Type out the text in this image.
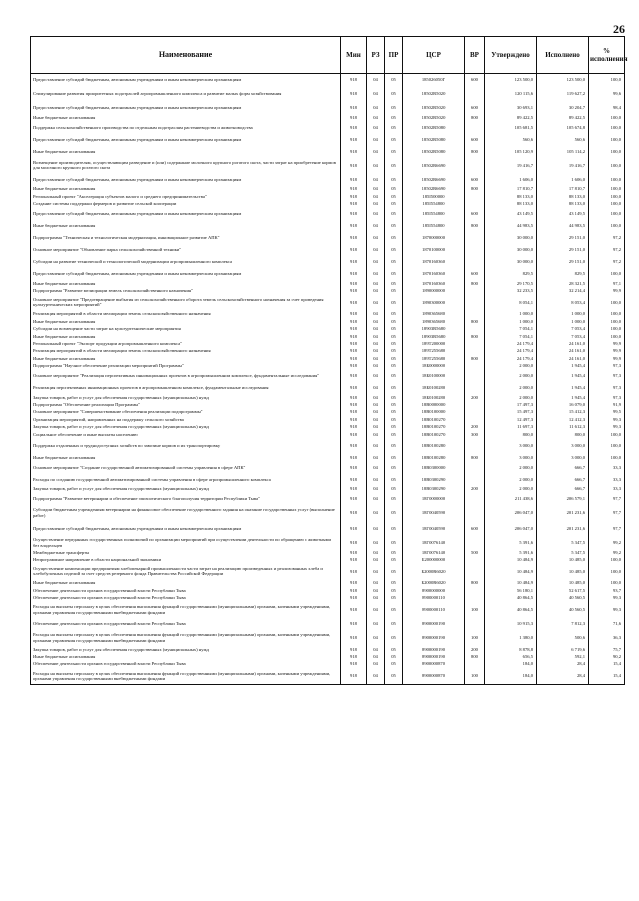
26
Наименование	Мин	РЗ	ПР	ЦСР	ВР	Утверждено	Исполнено	% исполнения
Предоставление субсидий бюджетным, автономным учреждениям и иным некоммерческим организациям	918	04	05	185026050Г	600	123 500,0	123 500,0	100,0
Стимулирование развития приоритетных подотраслей агропромышленного комплекса и развитие малых форм хозяйствования	918	04	05	18502R5020		120 115,6	119 627,2	99,6
Предоставление субсидий бюджетным, автономным учреждениям и иным некоммерческим организациям	918	04	05	18502R5020	600	30 693,1	30 204,7	98,4
Иные бюджетные ассигнования	918	04	05	18502R5020	800	89 422,5	89 422,5	100,0
Поддержка сельскохозяйственного производства по отдельным подотраслям растениеводства и животноводства	918	04	05	18502R5080		105 681,5	105 674,8	100,0
Предоставление субсидий бюджетным, автономным учреждениям и иным некоммерческим организациям	918	04	05	18502R5080	600	560,6	560,6	100,0
Иные бюджетные ассигнования	918	04	05	18502R5080	800	105 120,9	105 114,2	100,0
Возмещение производителям, осуществляющим разведение и (или) содержание молочного крупного рогатого скота, части затрат на приобретение кормов для молочного крупного рогатого скота	918	04	05	18502R6690		19 416,7	19 416,7	100,0
Предоставление субсидий бюджетным, автономным учреждениям и иным некоммерческим организациям	918	04	05	18502R6690	600	1 606,0	1 606,0	100,0
Иные бюджетные ассигнования	918	04	05	18502R6690	800	17 810,7	17 810,7	100,0
Региональный проект "Акселерация субъектов малого и среднего предпринимательства"	918	04	05	185I500000		88 133,0	88 133,0	100,0
Создание системы поддержки фермеров и развитие сельской кооперации	918	04	05	185I554800		88 133,0	88 133,0	100,0
Предоставление субсидий бюджетным, автономным учреждениям и иным некоммерческим организациям	918	04	05	185I554800	600	43 149,5	43 149,5	100,0
Иные бюджетные ассигнования	918	04	05	185I554800	800	44 983,5	44 983,5	100,0
Подпрограмма "Техническая и технологическая модернизация, инновационное развитие АПК"	918	04	05	1870000000		30 000,0	29 151,0	97,2
Основное мероприятие "Обновление парка сельскохозяйственной техники"	918	04	05	1870100000		30 000,0	29 151,0	97,2
Субсидии на развитие технической и технологической модернизации агропромышленного комплекса	918	04	05	1870160360		30 000,0	29 151,0	97,2
Предоставление субсидий бюджетным, автономным учреждениям и иным некоммерческим организациям	918	04	05	1870160360	600	829,5	829,5	100,0
Иные бюджетные ассигнования	918	04	05	1870160360	800	29 170,5	28 321,5	97,1
Подпрограмма "Развитие мелиорации земель сельскохозяйственного назначения"	918	04	05	1890000000		32 233,5	32 214,4	99,9
Основное мероприятие "Предотвращение выбытия из сельскохозяйственного оборота земель сельскохозяйственного назначения за счет проведения культуртехнических мероприятий"	918	04	05	1890300000		8 054,1	8 053,4	100,0
Реализация мероприятий в области мелиорации земель сельскохозяйственного назначения	918	04	05	1890365680		1 000,0	1 000,0	100,0
Иные бюджетные ассигнования	918	04	05	1890365680	800	1 000,0	1 000,0	100,0
Субсидии на возмещение части затрат на культуртехнические мероприятия	918	04	05	18903R5680		7 054,1	7 053,4	100,0
Иные бюджетные ассигнования	918	04	05	18903R5680	800	7 054,1	7 053,4	100,0
Региональный проект "Экспорт продукции агропромышленного комплекса"	918	04	05	189T200000		24 179,4	24 161,0	99,9
Реализация мероприятий в области мелиорации земель сельскохозяйственного назначения	918	04	05	189T255680		24 179,4	24 161,0	99,9
Иные бюджетные ассигнования	918	04	05	189T255680	800	24 179,4	24 161,0	99,9
Подпрограмма "Научное обеспечение реализации мероприятий Программы"	918	04	05	18Б0000000		2 000,0	1 945,4	97,3
Основное мероприятие "Реализация перспективных инновационных проектов в агропромышленном комплексе, фундаментальные исследования"	918	04	05	18Б0100000		2 000,0	1 945,4	97,3
Реализация перспективных инновационных проектов в агропромышленном комплексе, фундаментальные исследования	918	04	05	18Б0100280		2 000,0	1 945,4	97,3
Закупка товаров, работ и услуг для обеспечения государственных (муниципальных) нужд	918	04	05	18Б0100280	200	2 000,0	1 945,4	97,3
Подпрограмма "Обеспечение реализации Программы"	918	04	05	18В0000000		17 497,3	16 079,0	91,9
Основное мероприятие "Совершенствование обеспечения реализации подпрограммы"	918	04	05	18В0100000		15 497,3	15 412,3	99,5
Организация мероприятий, направленных на поддержку сельского хозяйства	918	04	05	18В0100270		12 497,3	12 412,3	99,3
Закупка товаров, работ и услуг для обеспечения государственных (муниципальных) нужд	918	04	05	18В0100270	200	11 697,3	11 612,3	99,3
Социальное обеспечение и иные выплаты населению	918	04	05	18В0100270	300	800,0	800,0	100,0
Поддержка отдаленных и труднодоступных хозяйств по завозине кормов и их транспортировку	918	04	05	18В0100280		3 000,0	3 000,0	100,0
Иные бюджетные ассигнования	918	04	05	18В0100280	800	3 000,0	3 000,0	100,0
Основное мероприятие "Создание государственной автоматизированной системы управления в сфере АПК"	918	04	05	18В0300000		2 000,0	666,7	33,3
Расходы по созданию государственной автоматизированной системы управления в сфере агропромышленного комплекса	918	04	05	18В0300290		2 000,0	666,7	33,3
Закупка товаров, работ и услуг для обеспечения государственных (муниципальных) нужд	918	04	05	18В0300290	200	2 000,0	666,7	33,3
Подпрограмма "Развитие ветеринарии и обеспечение эпизоотического благополучия территории Республики Тыва"	918	04	05	18Г0000000		211 438,6	206 579,1	97,7
Субсидии бюджетным учреждениям ветеринарии на финансовое обеспечение государственного задания на оказание государственных услуг (выполнение работ)	918	04	05	18Г0040590		206 047,0	201 231,6	97,7
Предоставление субсидий бюджетным, автономным учреждениям и иным некоммерческим организациям	918	04	05	18Г0040590	600	206 047,0	201 231,6	97,7
Осуществление переданных государственных полномочий по организации мероприятий при осуществлении деятельности по обращению с животными без владельцев	918	04	05	18Г0076140		5 391,6	5 347,5	99,2
Межбюджетные трансферты	918	04	05	18Г0076140	500	5 391,6	5 347,5	99,2
Непрограммное направление в области национальной экономики	918	04	05	Б200000000		10 484,9	10 485,0	100,0
Осуществление компенсации предприятиям хлебопекарной промышленности части затрат на реализацию произведенных и реализованных хлеба и хлебобулочных изделий за счет средств резервного фонда Правительства Российской Федерации	918	04	05	Б2000R6020		10 484,9	10 485,0	100,0
Иные бюджетные ассигнования	918	04	05	Б2000R6020	800	10 484,9	10 485,0	100,0
Обеспечение деятельности органов государственной власти Республики Тыва	918	04	05	8900000000		56 180,1	52 617,5	93,7
Обеспечение деятельности органов государственной власти Республики Тыва	918	04	05	8900000110		40 864,5	40 560,5	99,3
Расходы на выплаты персоналу в целях обеспечения выполнения функций государственными (муниципальными) органами, казенными учреждениями, органами управления государственными внебюджетными фондами	918	04	05	8900000110	100	40 864,5	40 560,5	99,3
Обеспечение деятельности органов государственной власти Республики Тыва	918	04	05	8900000190		10 915,3	7 812,3	71,6
Расходы на выплаты персоналу в целях обеспечения выполнения функций государственными (муниципальными) органами, казенными учреждениями, органами управления государственными внебюджетными фондами	918	04	05	8900000190	100	1 380,0	500,6	36,3
Закупка товаров, работ и услуг для обеспечения государственных (муниципальных) нужд	918	04	05	8900000190	200	8 878,8	6 719,6	75,7
Иные бюджетные ассигнования	918	04	05	8900000190	800	656,5	592,1	90,2
Обеспечение деятельности органов государственной власти Республики Тыва	918	04	05	8900000870		184,0	28,4	15,4
Расходы на выплаты персоналу в целях обеспечения выполнения функций государственными (муниципальными) органами, казенными учреждениями, органами управления государственными внебюджетными фондами	918	04	05	8900000870	100	184,0	28,4	15,4
